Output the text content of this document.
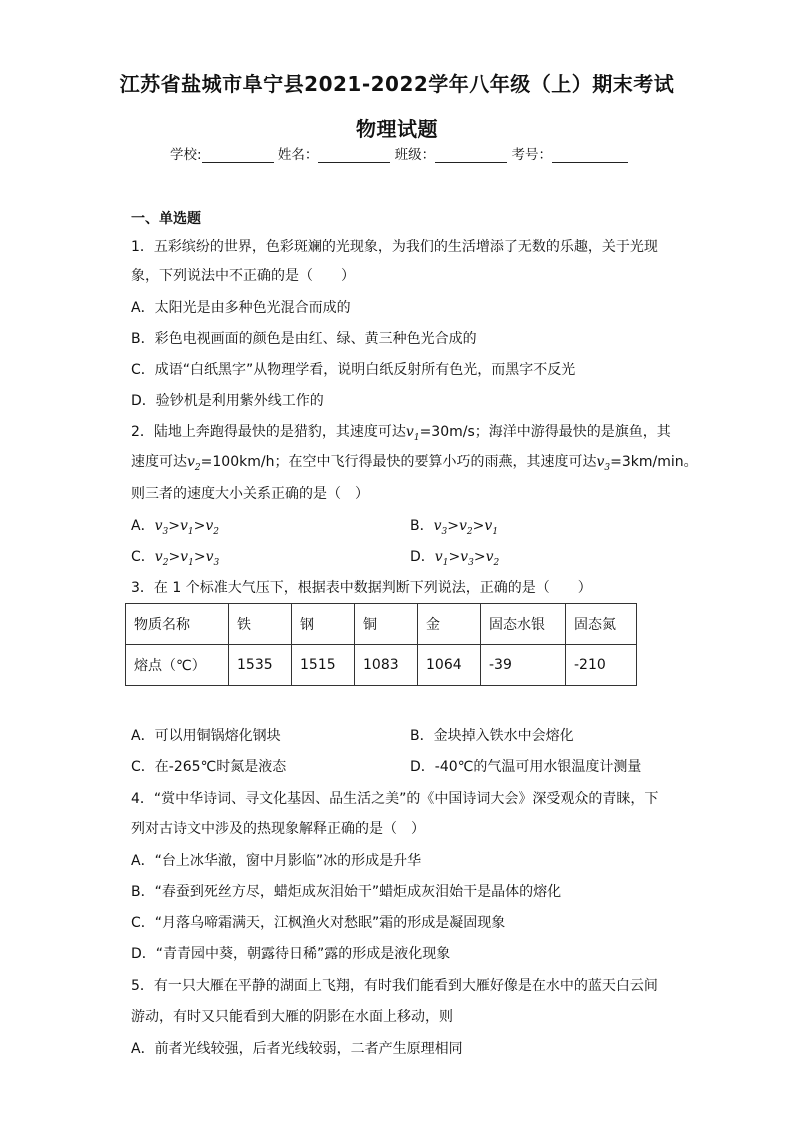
江苏省盐城市阜宁县2021-2022学年八年级（上）期末考试
物理试题
学校:	姓名：	班级：	考号：
一、单选题
1．五彩缤纷的世界，色彩斑斓的光现象，为我们的生活增添了无数的乐趣，关于光现
象，下列说法中不正确的是（　　）
A．太阳光是由多种色光混合而成的
B．彩色电视画面的颜色是由红、绿、黄三种色光合成的
C．成语“白纸黑字”从物理学看，说明白纸反射所有色光，而黑字不反光
D．验钞机是利用紫外线工作的
2．陆地上奔跑得最快的是猎豹，其速度可达$v_1=30m/s$；海洋中游得最快的是旗鱼，其
速度可达$v_2=100km/h$；在空中飞行得最快的要算小巧的雨燕，其速度可达$v_3=3km/\min$。
则三者的速度大小关系正确的是（　）
A．$v_3>v_1>v_2$	B．$v_3>v_2>v_1$
C．$v_2>v_1>v_3$	D．$v_1>v_3>v_2$
3．在 1 个标准大气压下，根据表中数据判断下列说法，正确的是（　　）
物质名称	铁	钢	铜	金	固态水银	固态氮
熔点（℃）	1535	1515	1083	1064	-39	-210
A．可以用铜锅熔化钢块	B．金块掉入铁水中会熔化
C．在-265℃时氮是液态	D．-40℃的气温可用水银温度计测量
4．“赏中华诗词、寻文化基因、品生活之美”的《中国诗词大会》深受观众的青睐，下
列对古诗文中涉及的热现象解释正确的是（　）
A．“台上冰华澈，窗中月影临”冰的形成是升华
B．“春蚕到死丝方尽，蜡炬成灰泪始干”蜡炬成灰泪始干是晶体的熔化
C．“月落乌啼霜满天，江枫渔火对愁眠”霜的形成是凝固现象
D．“青青园中葵，朝露待日稀”露的形成是液化现象
5．有一只大雁在平静的湖面上飞翔，有时我们能看到大雁好像是在水中的蓝天白云间
游动，有时又只能看到大雁的阴影在水面上移动，则
A．前者光线较强，后者光线较弱，二者产生原理相同
